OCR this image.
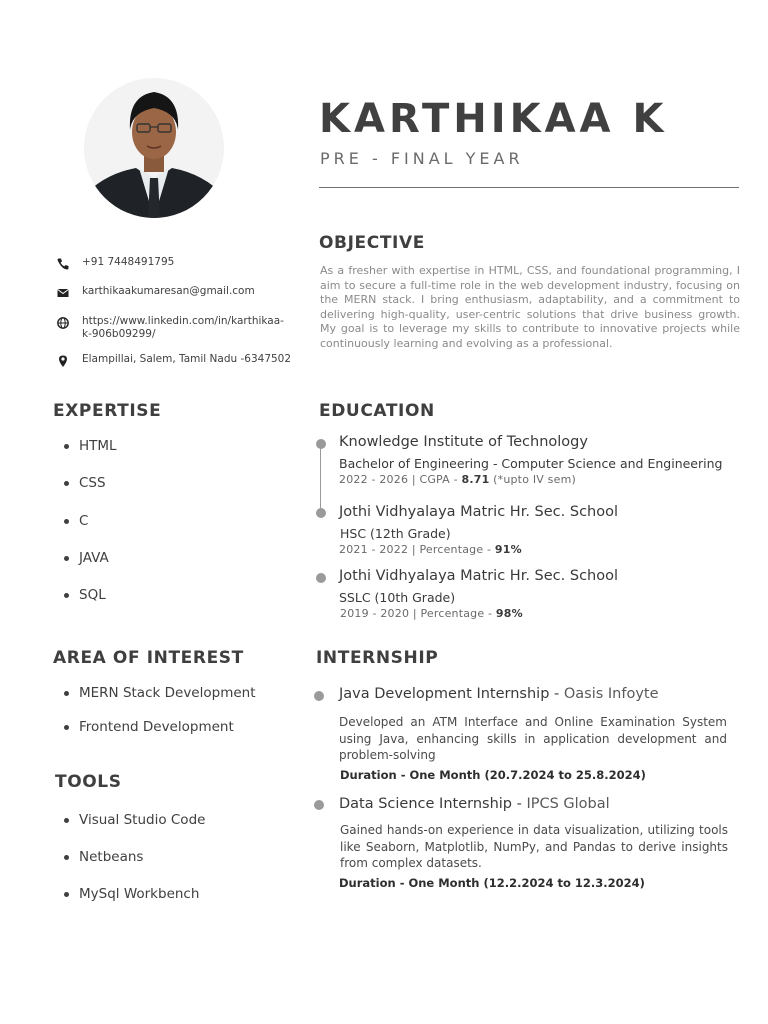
KARTHIKAA K
PRE - FINAL YEAR
+91 7448491795
karthikaakumaresan@gmail.com
https://www.linkedin.com/in/karthikaa-k-906b09299/
Elampillai, Salem, Tamil Nadu -6347502
OBJECTIVE
As a fresher with expertise in HTML, CSS, and foundational programming, I aim to secure a full-time role in the web development industry, focusing on the MERN stack. I bring enthusiasm, adaptability, and a commitment to delivering high-quality, user-centric solutions that drive business growth. My goal is to leverage my skills to contribute to innovative projects while continuously learning and evolving as a professional.
EXPERTISE
HTML
CSS
C
JAVA
SQL
AREA OF INTEREST
MERN Stack Development
Frontend Development
TOOLS
Visual Studio Code
Netbeans
MySql Workbench
EDUCATION
Knowledge Institute of Technology
Bachelor of Engineering - Computer Science and Engineering
2022 - 2026 | CGPA - 8.71 (*upto IV sem)
Jothi Vidhyalaya Matric Hr. Sec. School
HSC (12th Grade)
2021 - 2022 | Percentage - 91%
Jothi Vidhyalaya Matric Hr. Sec. School
SSLC (10th Grade)
2019 - 2020 | Percentage - 98%
INTERNSHIP
Java Development Internship - Oasis Infoyte
Developed an ATM Interface and Online Examination System using Java, enhancing skills in application development and problem-solving
Duration - One Month (20.7.2024 to 25.8.2024)
Data Science Internship - IPCS Global
Gained hands-on experience in data visualization, utilizing tools like Seaborn, Matplotlib, NumPy, and Pandas to derive insights from complex datasets.
Duration - One Month (12.2.2024 to 12.3.2024)
